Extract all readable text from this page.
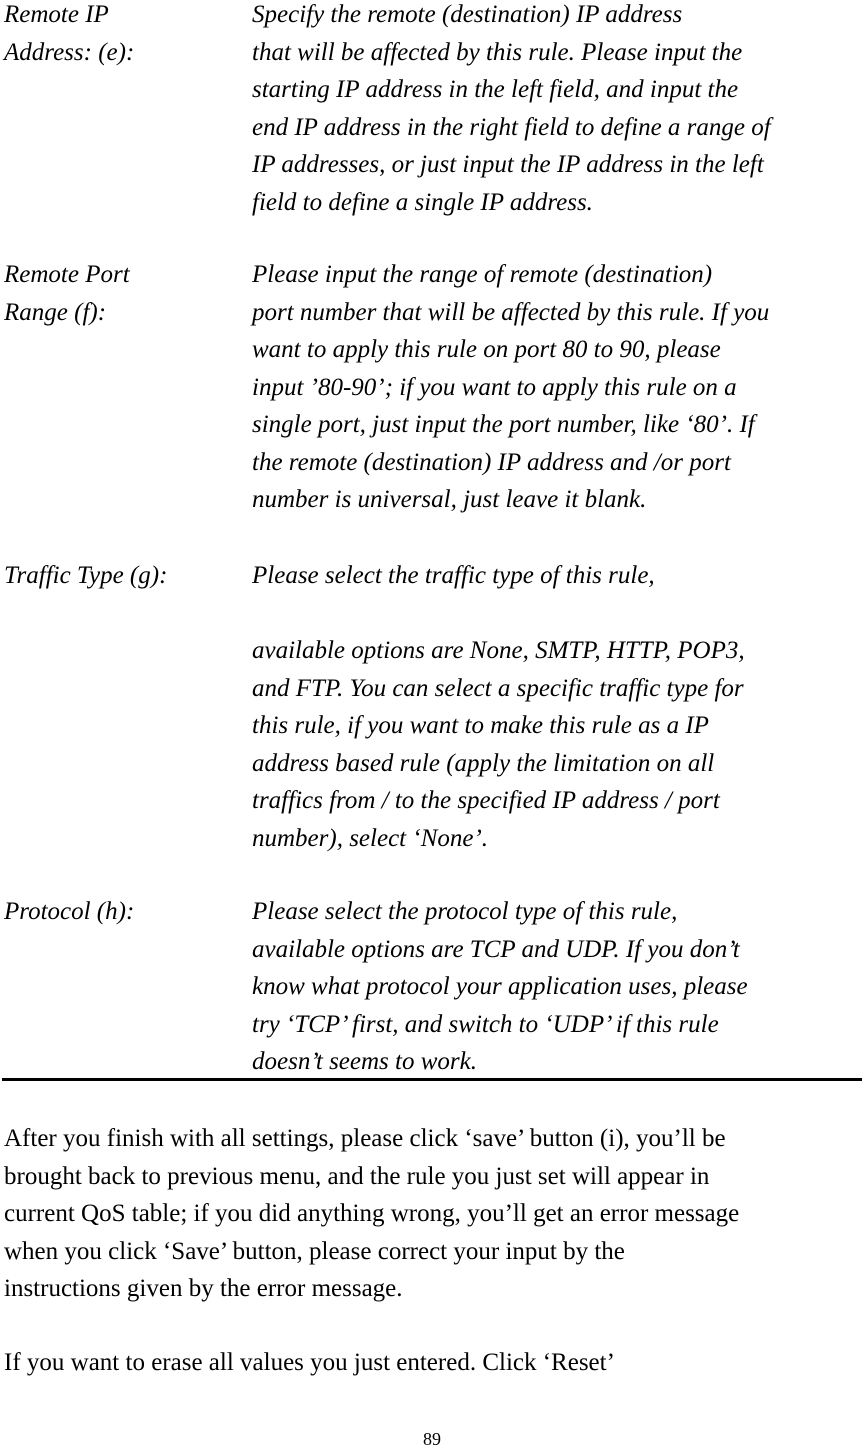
Remote IP
Address: (e):
Specify the remote (destination) IP address
that will be affected by this rule. Please input the
starting IP address in the left field, and input the
end IP address in the right field to define a range of
IP addresses, or just input the IP address in the left
field to define a single IP address.
Remote Port
Range (f):
Please input the range of remote (destination)
port number that will be affected by this rule. If you
want to apply this rule on port 80 to 90, please
input ’80-90’; if you want to apply this rule on a
single port, just input the port number, like ‘80’. If
the remote (destination) IP address and /or port
number is universal, just leave it blank.
Traffic Type (g):	Please select the traffic type of this rule,

available options are None, SMTP, HTTP, POP3,
and FTP. You can select a specific traffic type for
this rule, if you want to make this rule as a IP
address based rule (apply the limitation on all
traffics from / to the specified IP address / port
number), select ‘None’.
Protocol (h):	Please select the protocol type of this rule,
available options are TCP and UDP. If you don’t
know what protocol your application uses, please
try ‘TCP’ first, and switch to ‘UDP’ if this rule
doesn’t seems to work.
After you finish with all settings, please click ‘save’ button (i), you’ll be
brought back to previous menu, and the rule you just set will appear in
current QoS table; if you did anything wrong, you’ll get an error message
when you click ‘Save’ button, please correct your input by the
instructions given by the error message.
If you want to erase all values you just entered. Click ‘Reset’
89
